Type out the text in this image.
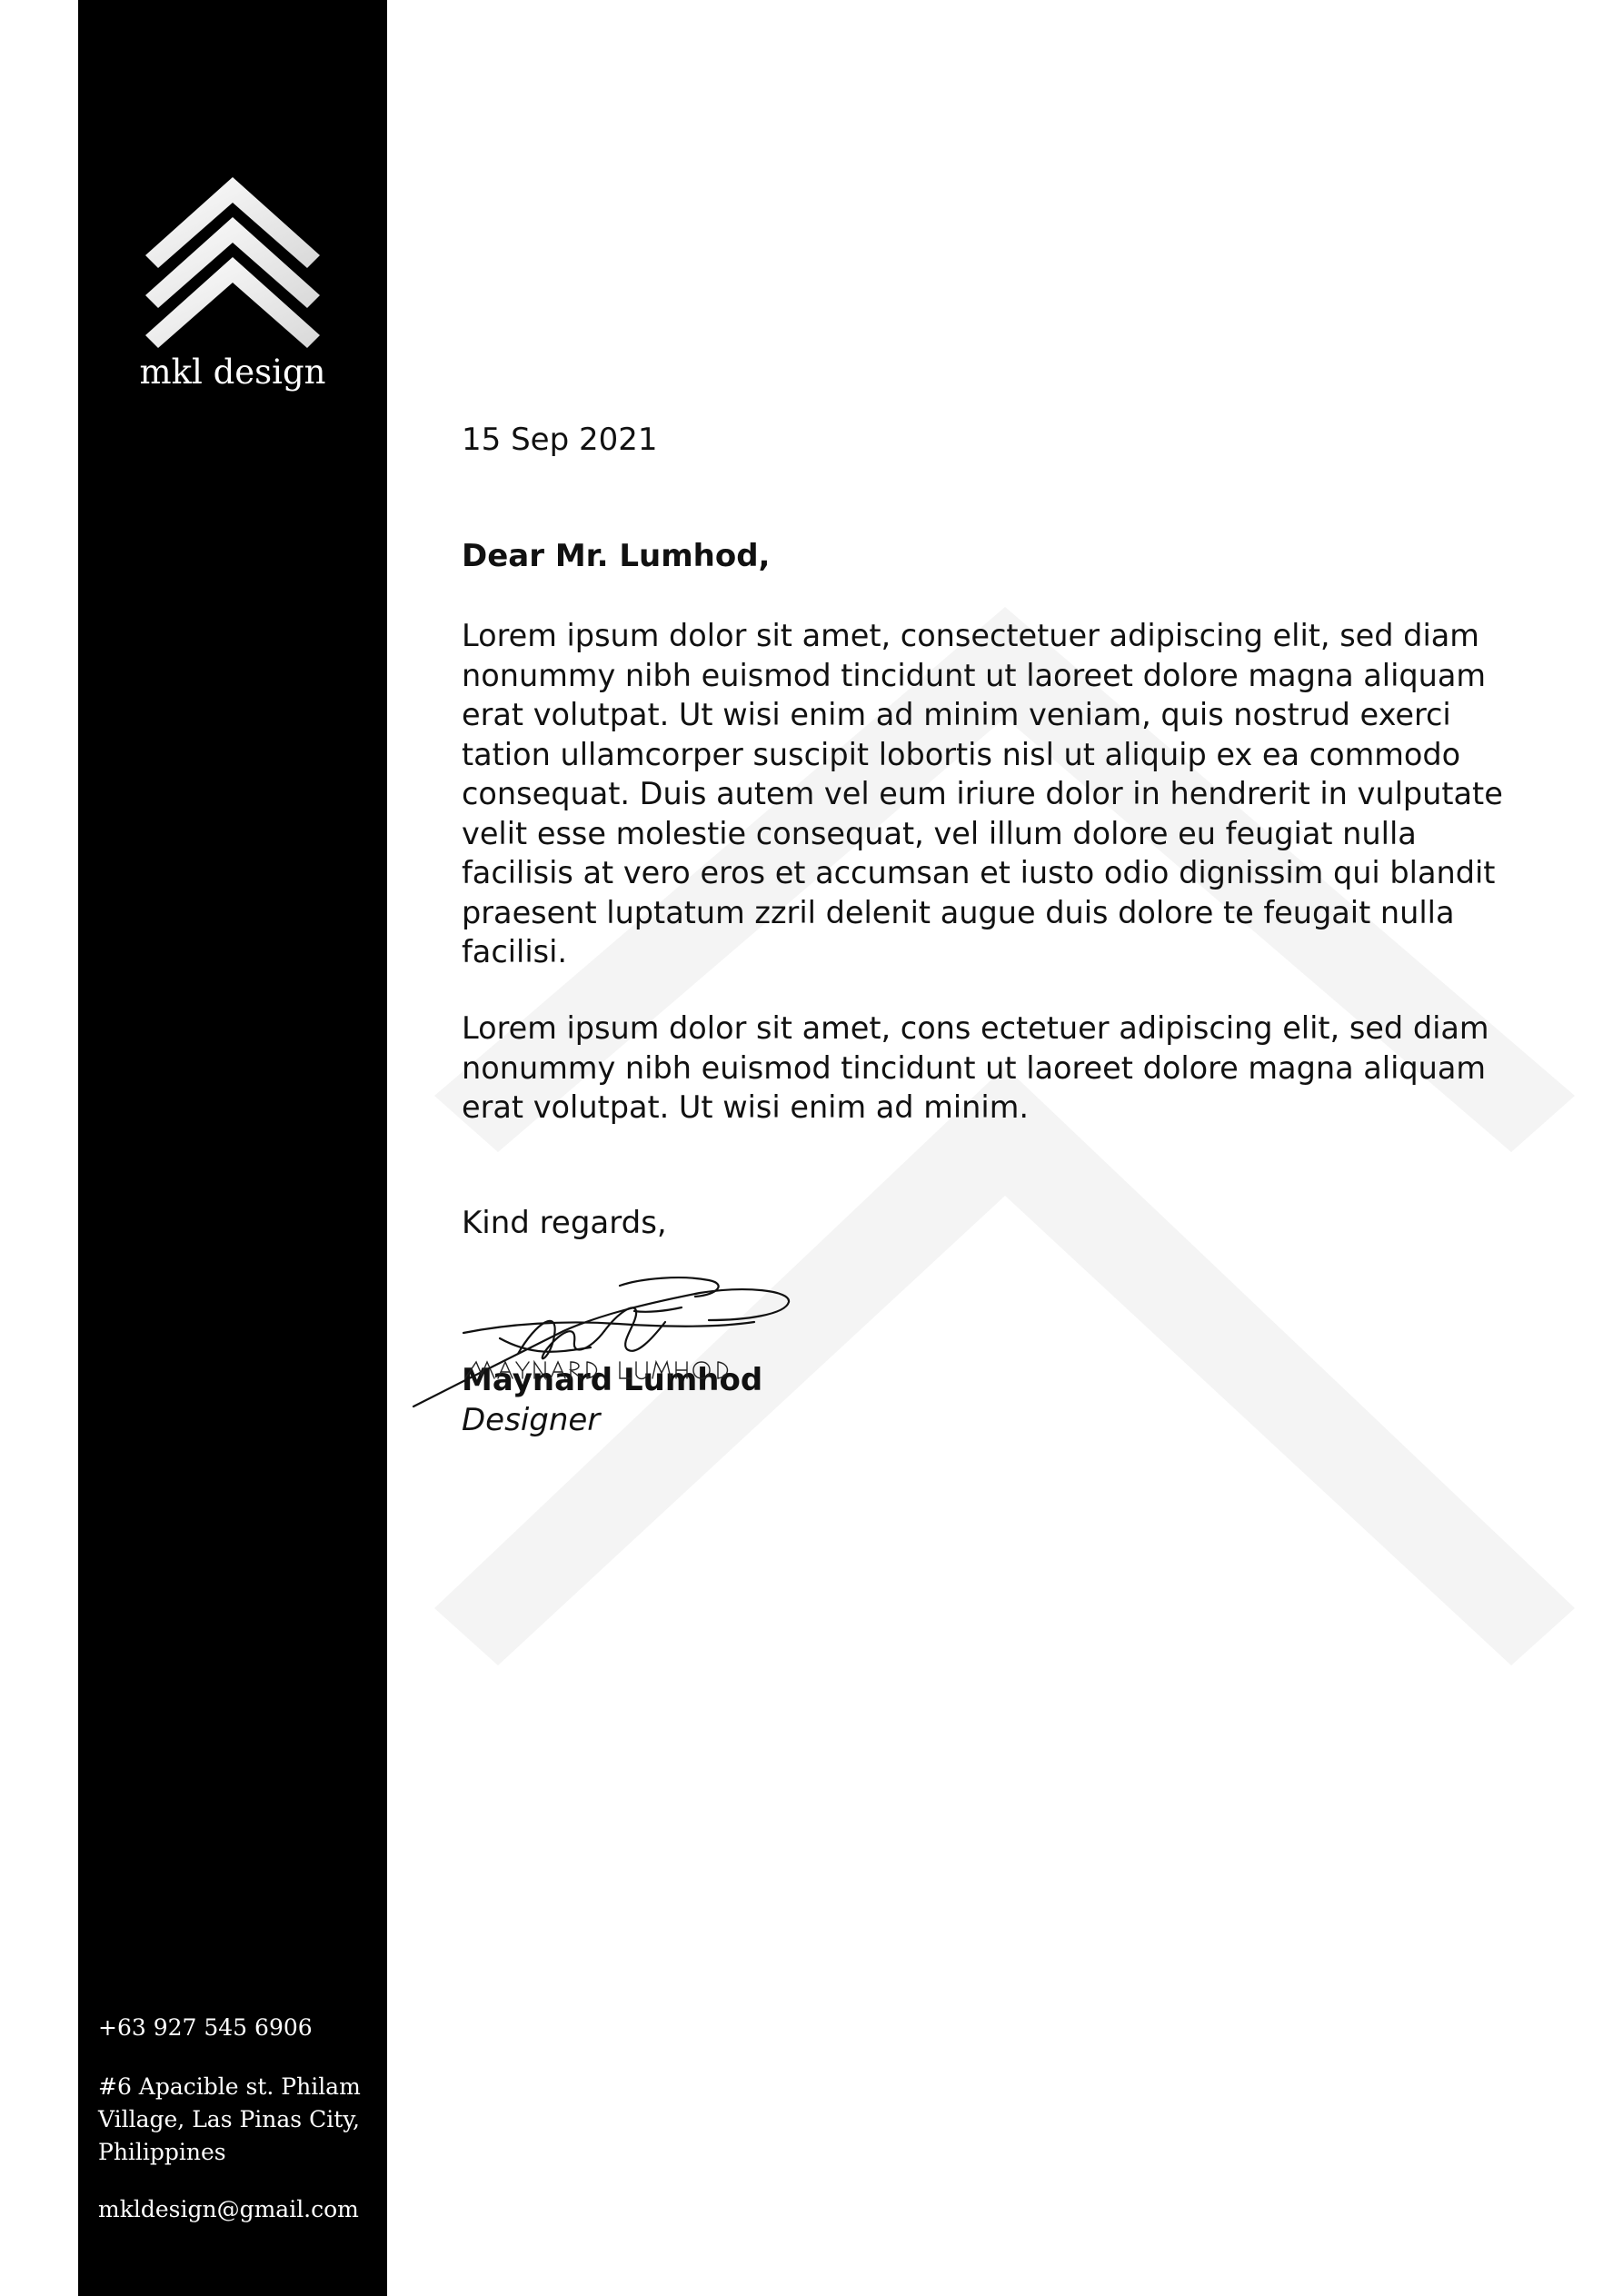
mkl design
+63 927 545 6906
#6 Apacible st. Philam Village, Las Pinas City, Philippines
mkldesign@gmail.com
15 Sep 2021
Dear Mr. Lumhod,
Lorem ipsum dolor sit amet, consectetuer adipiscing elit, sed diam nonummy nibh euismod tincidunt ut laoreet dolore magna aliquam erat volutpat. Ut wisi enim ad minim veniam, quis nostrud exerci tation ullamcorper suscipit lobortis nisl ut aliquip ex ea commodo consequat. Duis autem vel eum iriure dolor in hendrerit in vulputate velit esse molestie consequat, vel illum dolore eu feugiat nulla facilisis at vero eros et accumsan et iusto odio dignissim qui blandit praesent luptatum zzril delenit augue duis dolore te feugait nulla facilisi.
Lorem ipsum dolor sit amet, cons ectetuer adipiscing elit, sed diam nonummy nibh euismod tincidunt ut laoreet dolore magna aliquam erat volutpat. Ut wisi enim ad minim.
Kind regards,
Maynard Lumhod
Designer
